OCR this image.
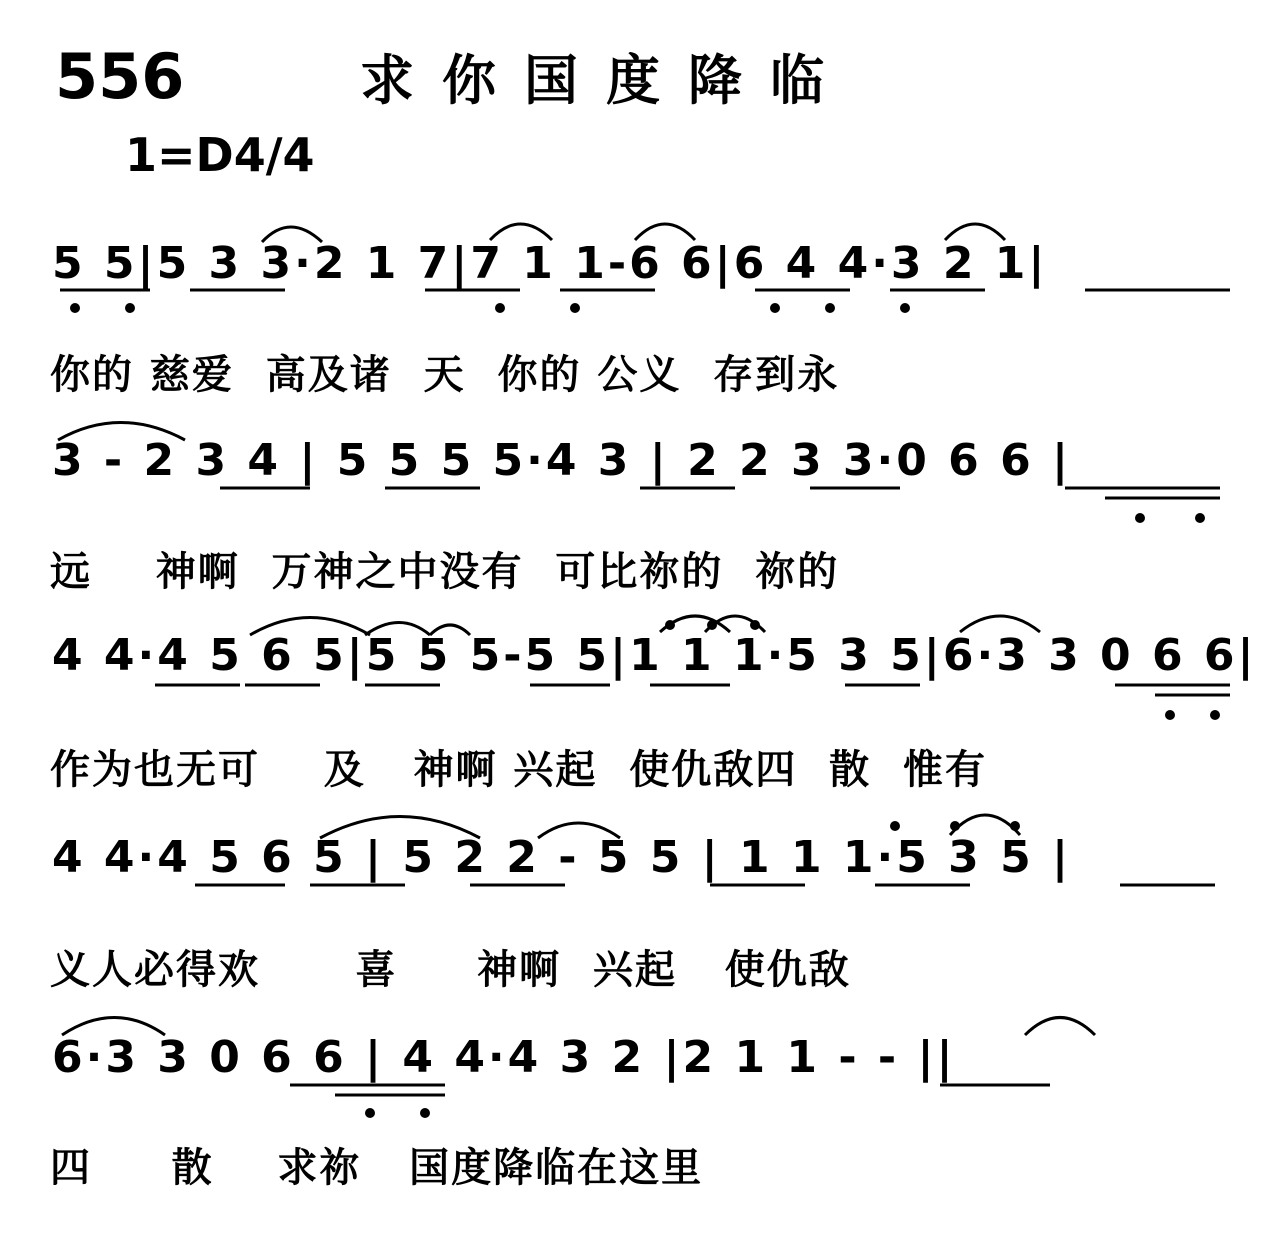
556	求你国度降临
1=D4/4
5 5|5 3 3·2 1 7|7 1 1-6 6|6 4 4·3 2 1|
你的 慈爱  高及诸  天  你的 公义  存到永
3 - 2 3 4 | 5 5 5 5·4 3 | 2 2 3 3·0 6 6 |
远    神啊  万神之中没有  可比祢的  祢的
4 4·4 5 6 5|5 5 5-5 5|1 1 1·5 3 5|6·3 3 0 6 6|
作为也无可    及   神啊 兴起  使仇敌四  散  惟有
4 4·4 5 6 5 | 5 2 2 - 5 5 | 1 1 1·5 3 5 |
义人必得欢      喜     神啊  兴起   使仇敌
6·3 3 0 6 6 | 4 4·4 3 2 |2 1 1 - - ||
四     散    求祢   国度降临在这里
